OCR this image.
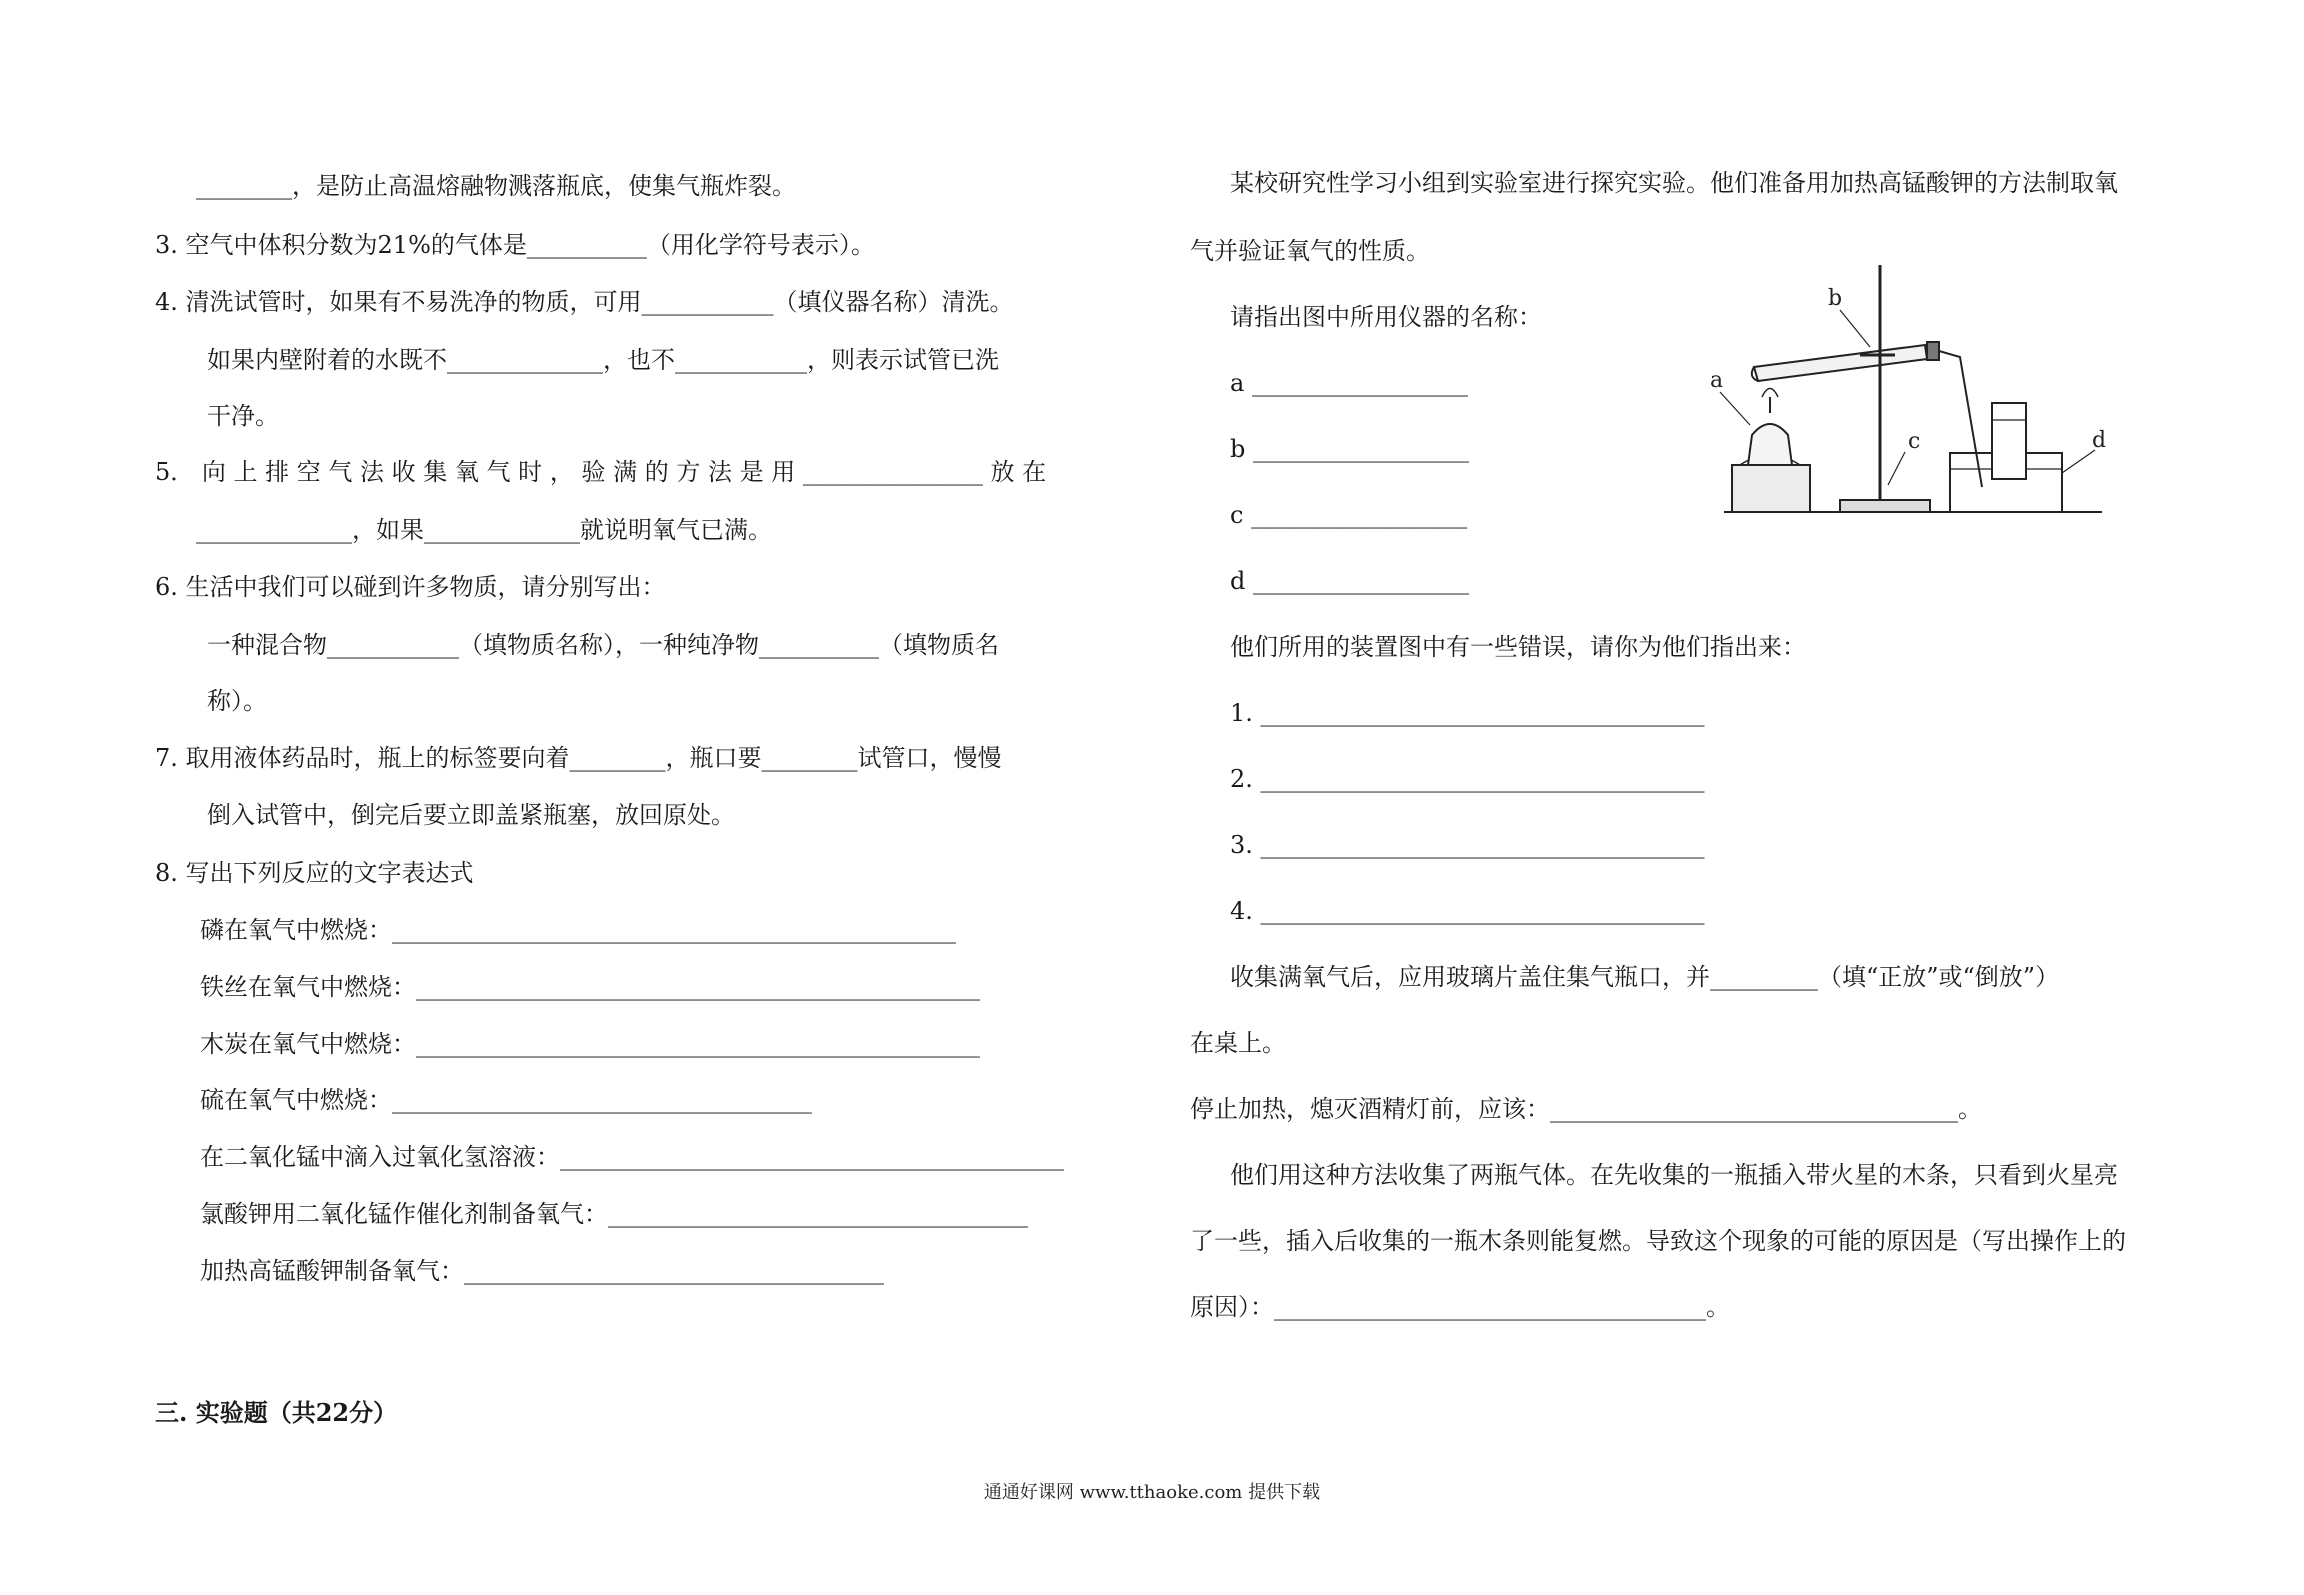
________，是防止高温熔融物溅落瓶底，使集气瓶炸裂。
3. 空气中体积分数为21%的气体是__________（用化学符号表示）。
4. 清洗试管时，如果有不易洗净的物质，可用___________（填仪器名称）清洗。
如果内壁附着的水既不_____________，也不___________，则表示试管已洗
干净。
5． 向 上 排 空 气 法 收 集 氧 气 时 ， 验 满 的 方 法 是 用 _______________ 放 在
_____________，如果_____________就说明氧气已满。
6. 生活中我们可以碰到许多物质，请分别写出：
一种混合物___________（填物质名称），一种纯净物__________（填物质名
称）。
7. 取用液体药品时，瓶上的标签要向着________，瓶口要________试管口，慢慢
倒入试管中，倒完后要立即盖紧瓶塞，放回原处。
8. 写出下列反应的文字表达式
磷在氧气中燃烧：_______________________________________________
铁丝在氧气中燃烧：_______________________________________________
木炭在氧气中燃烧：_______________________________________________
硫在氧气中燃烧：___________________________________
在二氧化锰中滴入过氧化氢溶液：__________________________________________
氯酸钾用二氧化锰作催化剂制备氧气：___________________________________
加热高锰酸钾制备氧气：___________________________________
三. 实验题（共22分）
某校研究性学习小组到实验室进行探究实验。他们准备用加热高锰酸钾的方法制取氧
气并验证氧气的性质。
请指出图中所用仪器的名称：
a __________________
b __________________
c __________________
d __________________
他们所用的装置图中有一些错误，请你为他们指出来：
1. _____________________________________
2. _____________________________________
3. _____________________________________
4. _____________________________________
收集满氧气后，应用玻璃片盖住集气瓶口，并_________（填“正放”或“倒放”）
在桌上。
停止加热，熄灭酒精灯前，应该：__________________________________。
他们用这种方法收集了两瓶气体。在先收集的一瓶插入带火星的木条，只看到火星亮
了一些，插入后收集的一瓶木条则能复燃。导致这个现象的可能的原因是（写出操作上的
原因）：____________________________________。
a
b
c	d
通通好课网 www.tthaoke.com 提供下载
